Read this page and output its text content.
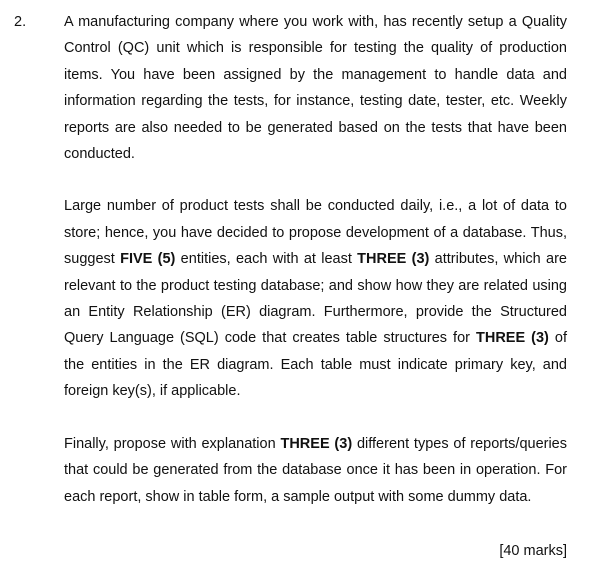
2.	A manufacturing company where you work with, has recently setup a Quality Control (QC) unit which is responsible for testing the quality of production items. You have been assigned by the management to handle data and information regarding the tests, for instance, testing date, tester, etc. Weekly reports are also needed to be generated based on the tests that have been conducted.

Large number of product tests shall be conducted daily, i.e., a lot of data to store; hence, you have decided to propose development of a database. Thus, suggest FIVE (5) entities, each with at least THREE (3) attributes, which are relevant to the product testing database; and show how they are related using an Entity Relationship (ER) diagram. Furthermore, provide the Structured Query Language (SQL) code that creates table structures for THREE (3) of the entities in the ER diagram. Each table must indicate primary key, and foreign key(s), if applicable.

Finally, propose with explanation THREE (3) different types of reports/queries that could be generated from the database once it has been in operation. For each report, show in table form, a sample output with some dummy data.

[40 marks]
